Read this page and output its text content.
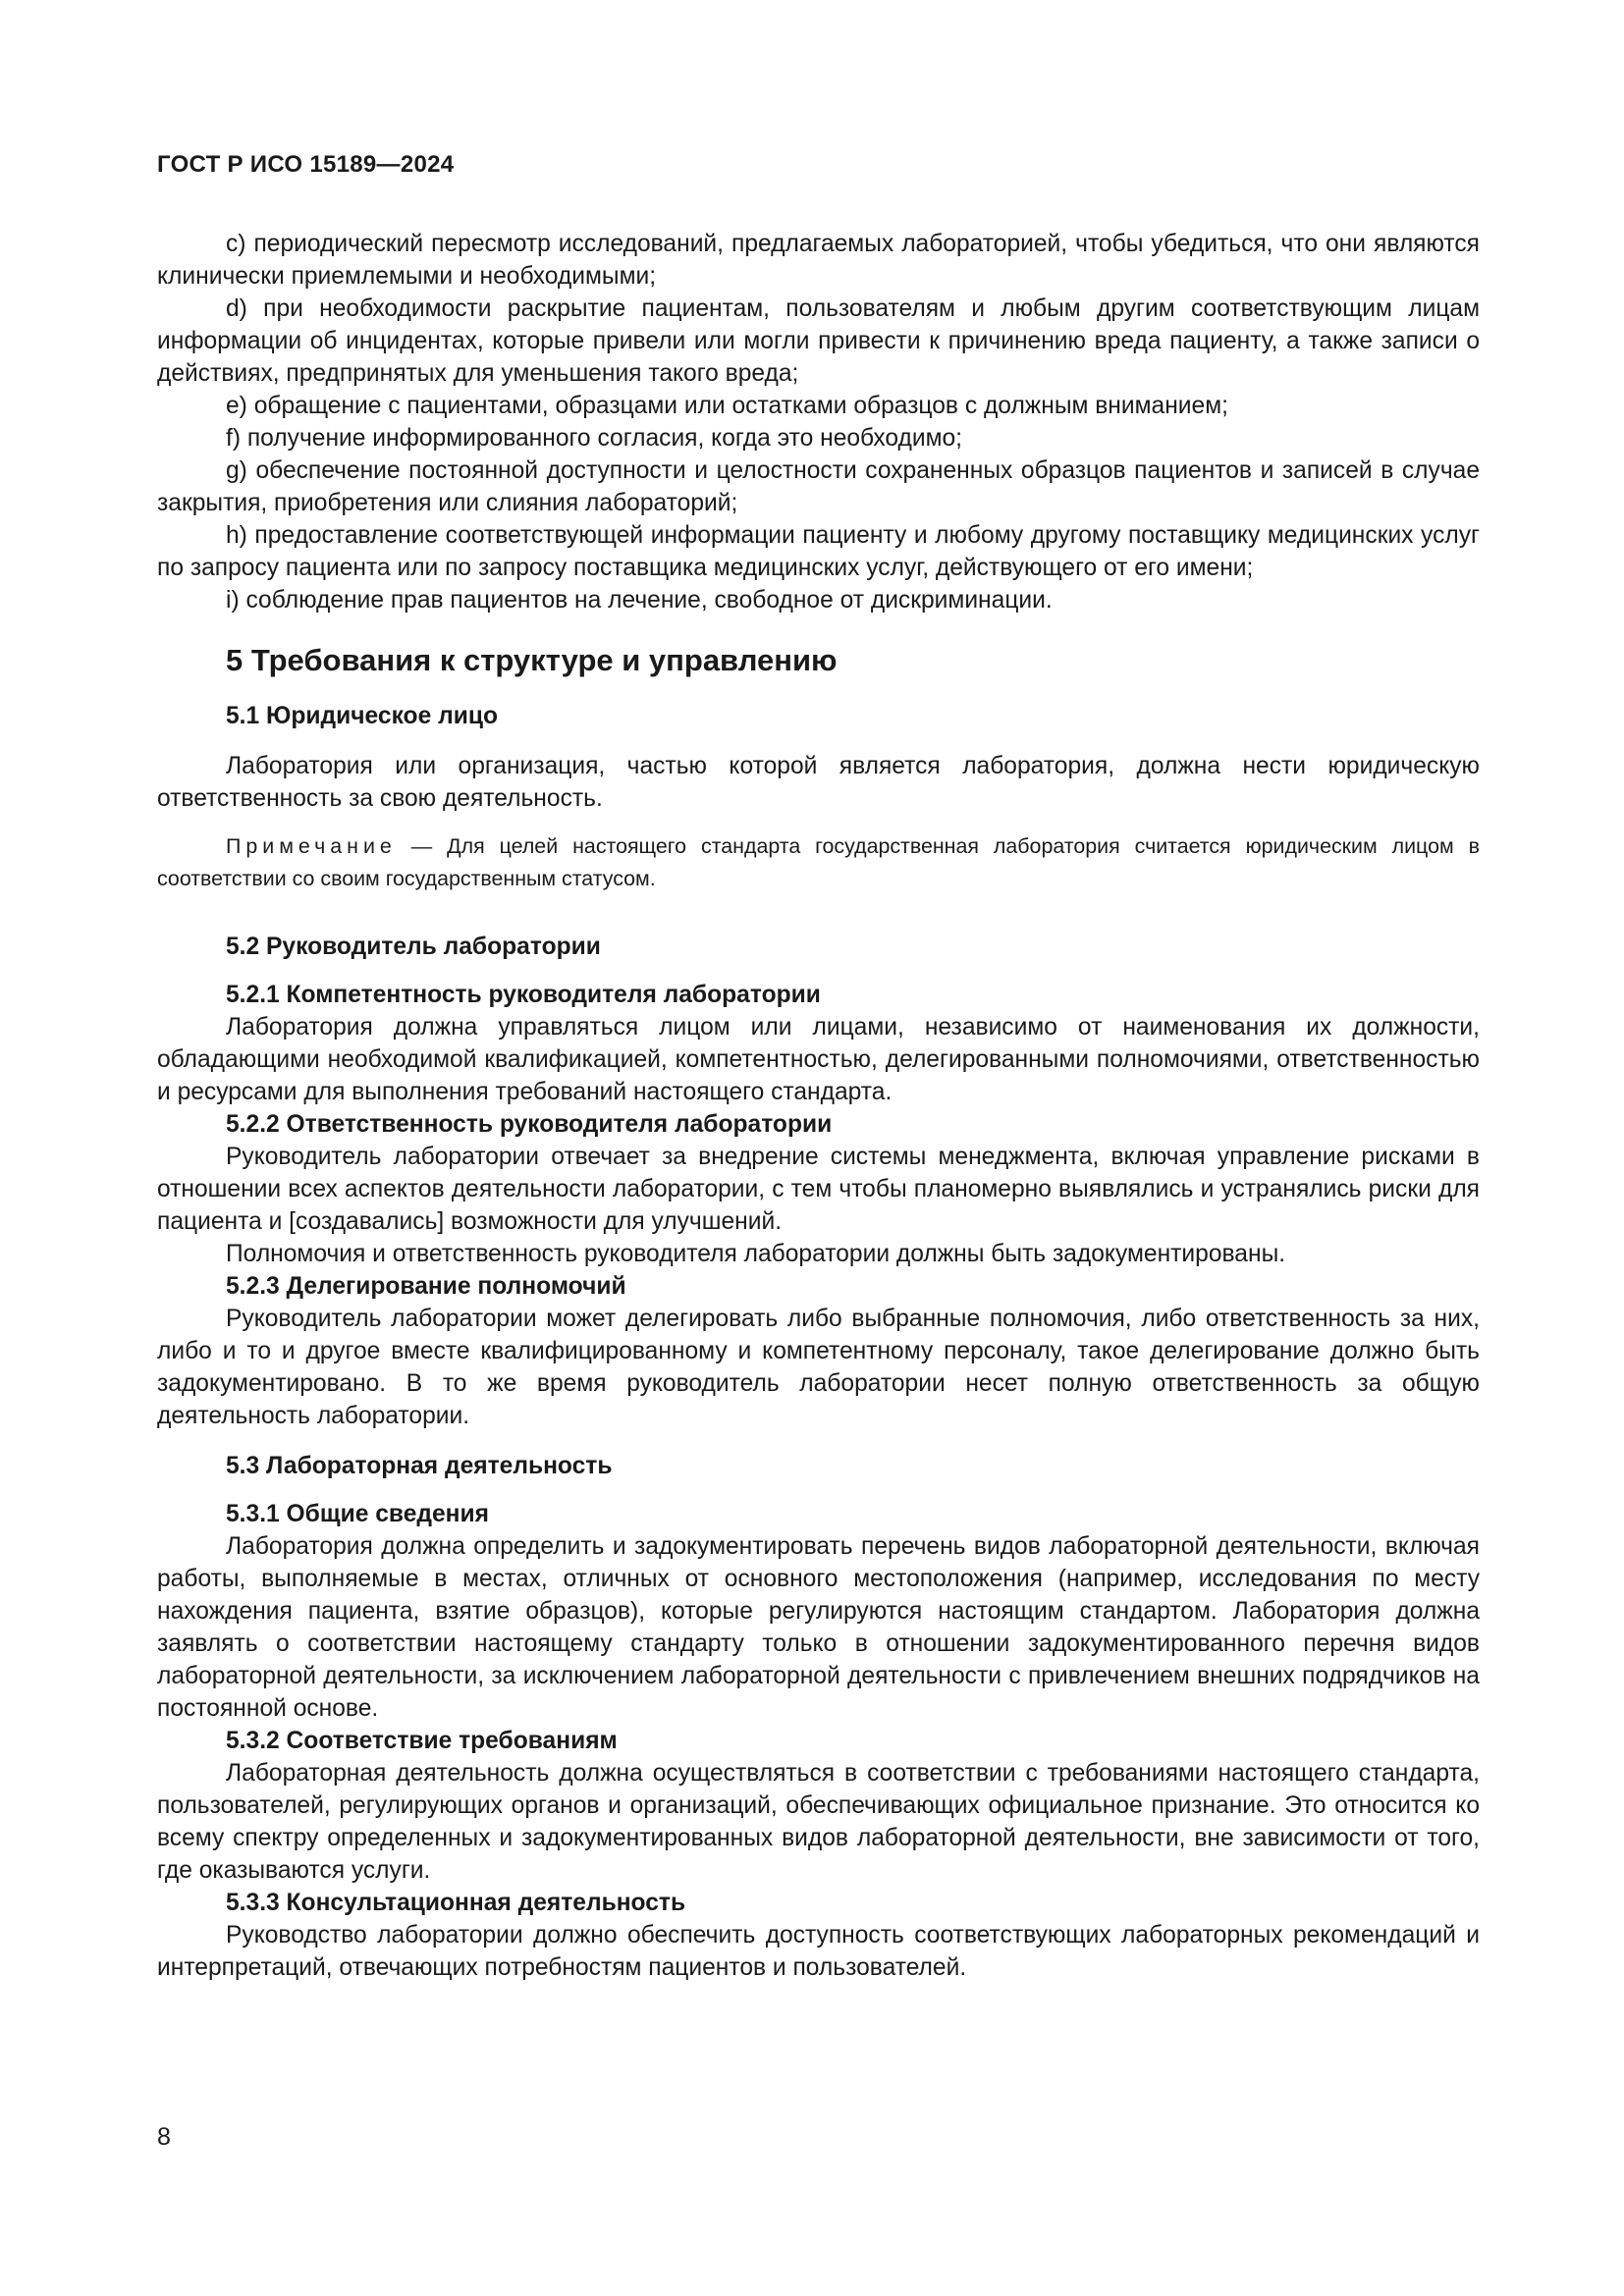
ГОСТ Р ИСО 15189—2024

c) периодический пересмотр исследований, предлагаемых лабораторией, чтобы убедиться, что они являются клинически приемлемыми и необходимыми;

d) при необходимости раскрытие пациентам, пользователям и любым другим соответствующим лицам информации об инцидентах, которые привели или могли привести к причинению вреда пациенту, а также записи о действиях, предпринятых для уменьшения такого вреда;

e) обращение с пациентами, образцами или остатками образцов с должным вниманием;

f) получение информированного согласия, когда это необходимо;

g) обеспечение постоянной доступности и целостности сохраненных образцов пациентов и записей в случае закрытия, приобретения или слияния лабораторий;

h) предоставление соответствующей информации пациенту и любому другому поставщику медицинских услуг по запросу пациента или по запросу поставщика медицинских услуг, действующего от его имени;

i) соблюдение прав пациентов на лечение, свободное от дискриминации.

5 Требования к структуре и управлению
5.1 Юридическое лицо

Лаборатория или организация, частью которой является лаборатория, должна нести юридическую ответственность за свою деятельность.

Примечание — Для целей настоящего стандарта государственная лаборатория считается юридическим лицом в соответствии со своим государственным статусом.

5.2 Руководитель лаборатории
5.2.1 Компетентность руководителя лаборатории

Лаборатория должна управляться лицом или лицами, независимо от наименования их должности, обладающими необходимой квалификацией, компетентностью, делегированными полномочиями, ответственностью и ресурсами для выполнения требований настоящего стандарта.

5.2.2 Ответственность руководителя лаборатории

Руководитель лаборатории отвечает за внедрение системы менеджмента, включая управление рисками в отношении всех аспектов деятельности лаборатории, с тем чтобы планомерно выявлялись и устранялись риски для пациента и [создавались] возможности для улучшений.

Полномочия и ответственность руководителя лаборатории должны быть задокументированы.

5.2.3 Делегирование полномочий

Руководитель лаборатории может делегировать либо выбранные полномочия, либо ответственность за них, либо и то и другое вместе квалифицированному и компетентному персоналу, такое делегирование должно быть задокументировано. В то же время руководитель лаборатории несет полную ответственность за общую деятельность лаборатории.

5.3 Лабораторная деятельность
5.3.1 Общие сведения

Лаборатория должна определить и задокументировать перечень видов лабораторной деятельности, включая работы, выполняемые в местах, отличных от основного местоположения (например, исследования по месту нахождения пациента, взятие образцов), которые регулируются настоящим стандартом. Лаборатория должна заявлять о соответствии настоящему стандарту только в отношении задокументированного перечня видов лабораторной деятельности, за исключением лабораторной деятельности с привлечением внешних подрядчиков на постоянной основе.

5.3.2 Соответствие требованиям

Лабораторная деятельность должна осуществляться в соответствии с требованиями настоящего стандарта, пользователей, регулирующих органов и организаций, обеспечивающих официальное признание. Это относится ко всему спектру определенных и задокументированных видов лабораторной деятельности, вне зависимости от того, где оказываются услуги.

5.3.3 Консультационная деятельность

Руководство лаборатории должно обеспечить доступность соответствующих лабораторных рекомендаций и интерпретаций, отвечающих потребностям пациентов и пользователей.

8
